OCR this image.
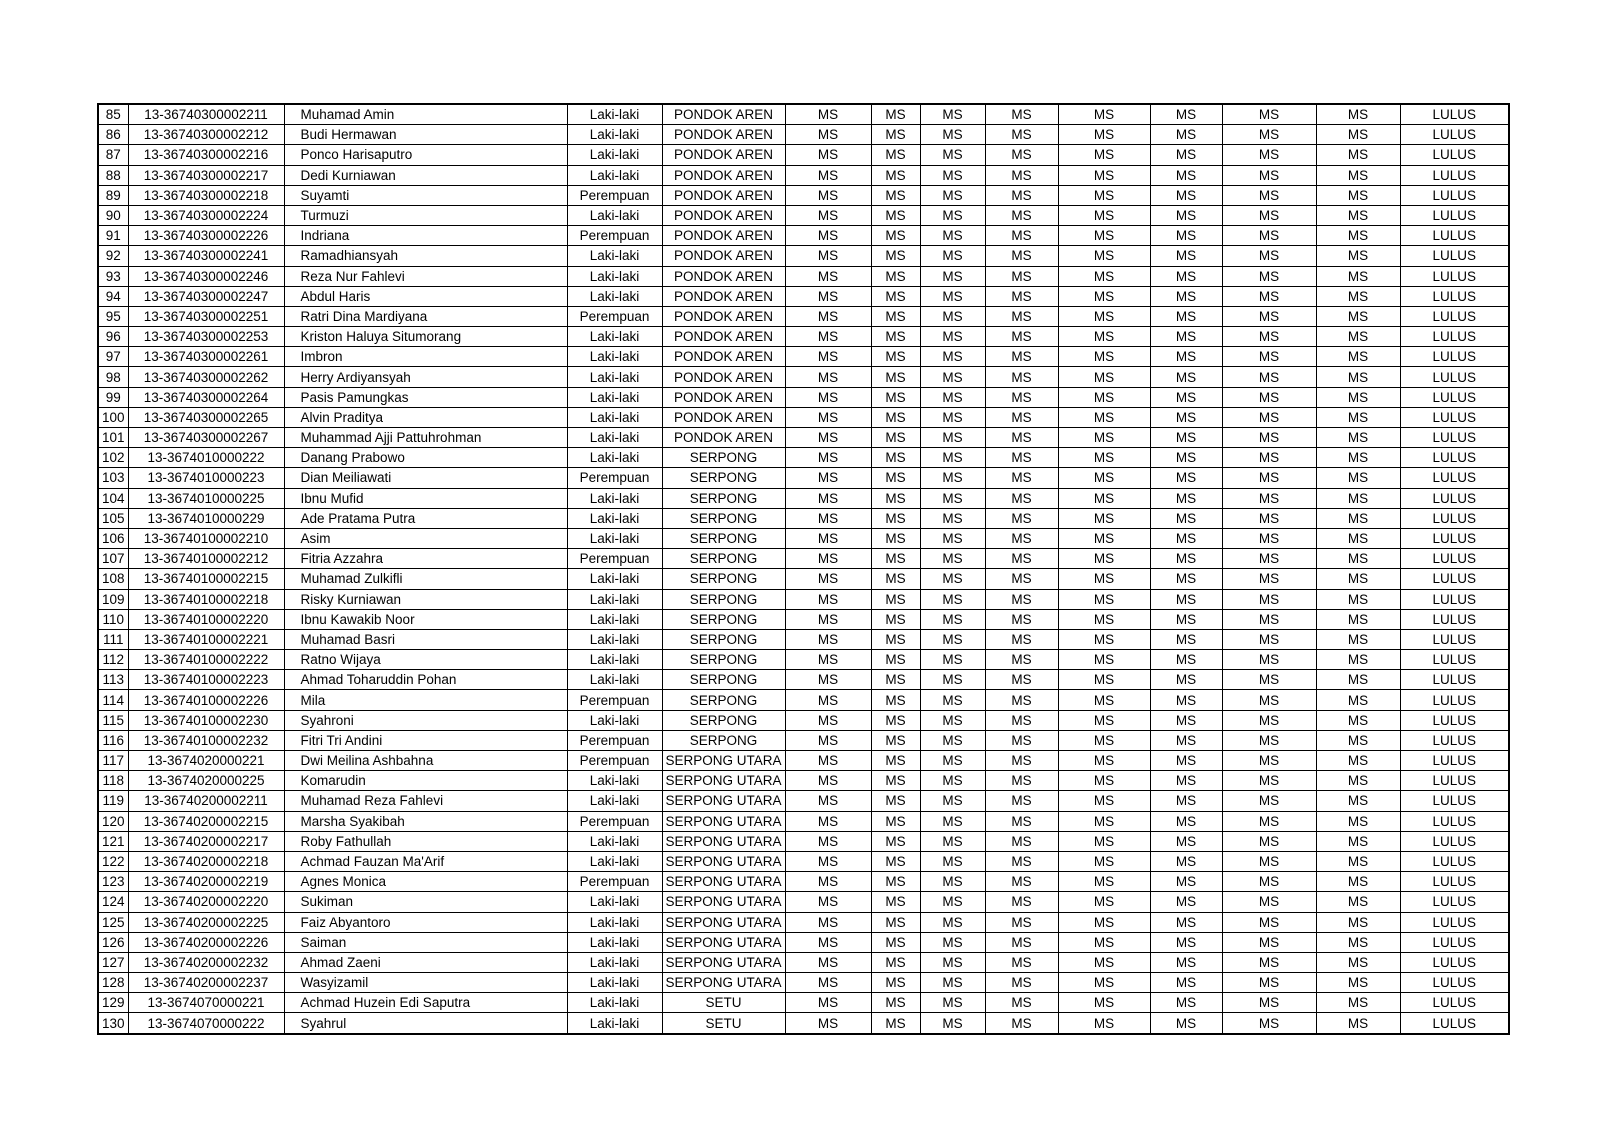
85	13-36740300002211	Muhamad Amin	Laki-laki	PONDOK AREN	MS	MS	MS	MS	MS	MS	MS	MS	LULUS
86	13-36740300002212	Budi Hermawan	Laki-laki	PONDOK AREN	MS	MS	MS	MS	MS	MS	MS	MS	LULUS
87	13-36740300002216	Ponco Harisaputro	Laki-laki	PONDOK AREN	MS	MS	MS	MS	MS	MS	MS	MS	LULUS
88	13-36740300002217	Dedi Kurniawan	Laki-laki	PONDOK AREN	MS	MS	MS	MS	MS	MS	MS	MS	LULUS
89	13-36740300002218	Suyamti	Perempuan	PONDOK AREN	MS	MS	MS	MS	MS	MS	MS	MS	LULUS
90	13-36740300002224	Turmuzi	Laki-laki	PONDOK AREN	MS	MS	MS	MS	MS	MS	MS	MS	LULUS
91	13-36740300002226	Indriana	Perempuan	PONDOK AREN	MS	MS	MS	MS	MS	MS	MS	MS	LULUS
92	13-36740300002241	Ramadhiansyah	Laki-laki	PONDOK AREN	MS	MS	MS	MS	MS	MS	MS	MS	LULUS
93	13-36740300002246	Reza Nur Fahlevi	Laki-laki	PONDOK AREN	MS	MS	MS	MS	MS	MS	MS	MS	LULUS
94	13-36740300002247	Abdul Haris	Laki-laki	PONDOK AREN	MS	MS	MS	MS	MS	MS	MS	MS	LULUS
95	13-36740300002251	Ratri Dina Mardiyana	Perempuan	PONDOK AREN	MS	MS	MS	MS	MS	MS	MS	MS	LULUS
96	13-36740300002253	Kriston Haluya Situmorang	Laki-laki	PONDOK AREN	MS	MS	MS	MS	MS	MS	MS	MS	LULUS
97	13-36740300002261	Imbron	Laki-laki	PONDOK AREN	MS	MS	MS	MS	MS	MS	MS	MS	LULUS
98	13-36740300002262	Herry Ardiyansyah	Laki-laki	PONDOK AREN	MS	MS	MS	MS	MS	MS	MS	MS	LULUS
99	13-36740300002264	Pasis Pamungkas	Laki-laki	PONDOK AREN	MS	MS	MS	MS	MS	MS	MS	MS	LULUS
100	13-36740300002265	Alvin Praditya	Laki-laki	PONDOK AREN	MS	MS	MS	MS	MS	MS	MS	MS	LULUS
101	13-36740300002267	Muhammad Ajji Pattuhrohman	Laki-laki	PONDOK AREN	MS	MS	MS	MS	MS	MS	MS	MS	LULUS
102	13-3674010000222	Danang Prabowo	Laki-laki	SERPONG	MS	MS	MS	MS	MS	MS	MS	MS	LULUS
103	13-3674010000223	Dian Meiliawati	Perempuan	SERPONG	MS	MS	MS	MS	MS	MS	MS	MS	LULUS
104	13-3674010000225	Ibnu Mufid	Laki-laki	SERPONG	MS	MS	MS	MS	MS	MS	MS	MS	LULUS
105	13-3674010000229	Ade Pratama Putra	Laki-laki	SERPONG	MS	MS	MS	MS	MS	MS	MS	MS	LULUS
106	13-36740100002210	Asim	Laki-laki	SERPONG	MS	MS	MS	MS	MS	MS	MS	MS	LULUS
107	13-36740100002212	Fitria Azzahra	Perempuan	SERPONG	MS	MS	MS	MS	MS	MS	MS	MS	LULUS
108	13-36740100002215	Muhamad Zulkifli	Laki-laki	SERPONG	MS	MS	MS	MS	MS	MS	MS	MS	LULUS
109	13-36740100002218	Risky Kurniawan	Laki-laki	SERPONG	MS	MS	MS	MS	MS	MS	MS	MS	LULUS
110	13-36740100002220	Ibnu Kawakib Noor	Laki-laki	SERPONG	MS	MS	MS	MS	MS	MS	MS	MS	LULUS
111	13-36740100002221	Muhamad Basri	Laki-laki	SERPONG	MS	MS	MS	MS	MS	MS	MS	MS	LULUS
112	13-36740100002222	Ratno Wijaya	Laki-laki	SERPONG	MS	MS	MS	MS	MS	MS	MS	MS	LULUS
113	13-36740100002223	Ahmad Toharuddin Pohan	Laki-laki	SERPONG	MS	MS	MS	MS	MS	MS	MS	MS	LULUS
114	13-36740100002226	Mila	Perempuan	SERPONG	MS	MS	MS	MS	MS	MS	MS	MS	LULUS
115	13-36740100002230	Syahroni	Laki-laki	SERPONG	MS	MS	MS	MS	MS	MS	MS	MS	LULUS
116	13-36740100002232	Fitri Tri Andini	Perempuan	SERPONG	MS	MS	MS	MS	MS	MS	MS	MS	LULUS
117	13-3674020000221	Dwi Meilina Ashbahna	Perempuan	SERPONG UTARA	MS	MS	MS	MS	MS	MS	MS	MS	LULUS
118	13-3674020000225	Komarudin	Laki-laki	SERPONG UTARA	MS	MS	MS	MS	MS	MS	MS	MS	LULUS
119	13-36740200002211	Muhamad Reza Fahlevi	Laki-laki	SERPONG UTARA	MS	MS	MS	MS	MS	MS	MS	MS	LULUS
120	13-36740200002215	Marsha Syakibah	Perempuan	SERPONG UTARA	MS	MS	MS	MS	MS	MS	MS	MS	LULUS
121	13-36740200002217	Roby Fathullah	Laki-laki	SERPONG UTARA	MS	MS	MS	MS	MS	MS	MS	MS	LULUS
122	13-36740200002218	Achmad Fauzan Ma'Arif	Laki-laki	SERPONG UTARA	MS	MS	MS	MS	MS	MS	MS	MS	LULUS
123	13-36740200002219	Agnes Monica	Perempuan	SERPONG UTARA	MS	MS	MS	MS	MS	MS	MS	MS	LULUS
124	13-36740200002220	Sukiman	Laki-laki	SERPONG UTARA	MS	MS	MS	MS	MS	MS	MS	MS	LULUS
125	13-36740200002225	Faiz Abyantoro	Laki-laki	SERPONG UTARA	MS	MS	MS	MS	MS	MS	MS	MS	LULUS
126	13-36740200002226	Saiman	Laki-laki	SERPONG UTARA	MS	MS	MS	MS	MS	MS	MS	MS	LULUS
127	13-36740200002232	Ahmad Zaeni	Laki-laki	SERPONG UTARA	MS	MS	MS	MS	MS	MS	MS	MS	LULUS
128	13-36740200002237	Wasyizamil	Laki-laki	SERPONG UTARA	MS	MS	MS	MS	MS	MS	MS	MS	LULUS
129	13-3674070000221	Achmad Huzein Edi Saputra	Laki-laki	SETU	MS	MS	MS	MS	MS	MS	MS	MS	LULUS
130	13-3674070000222	Syahrul	Laki-laki	SETU	MS	MS	MS	MS	MS	MS	MS	MS	LULUS
